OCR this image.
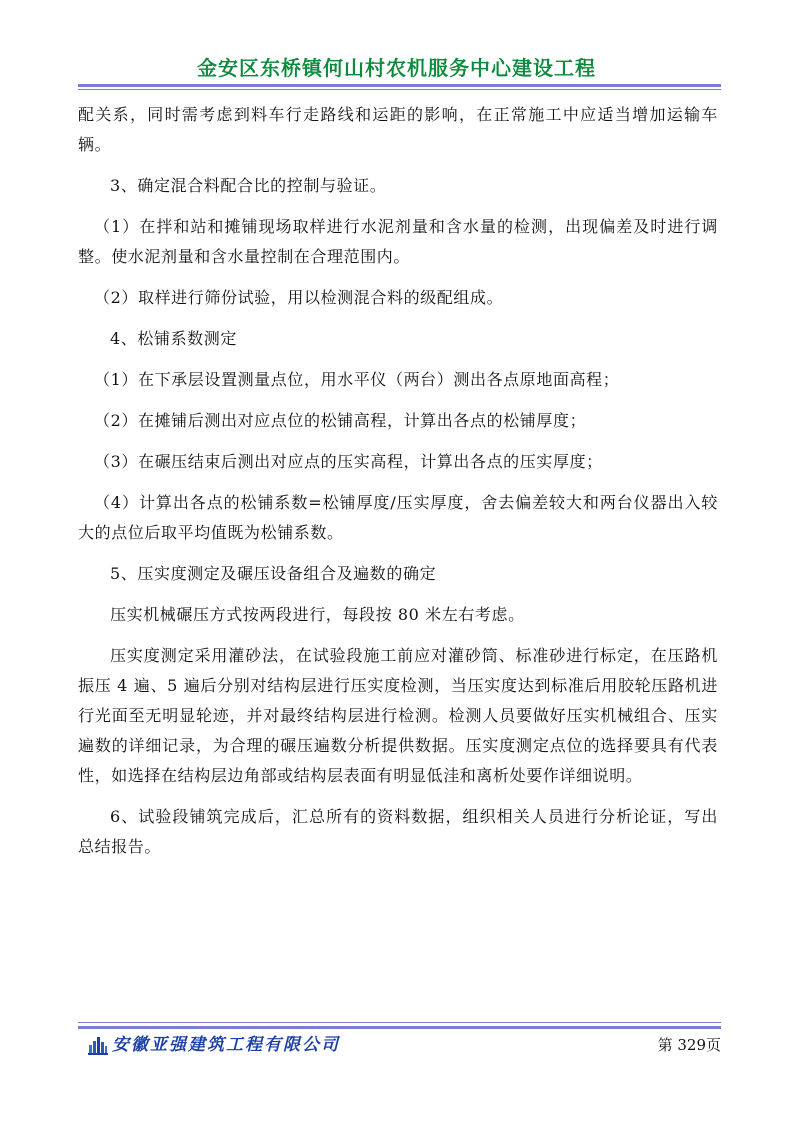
金安区东桥镇何山村农机服务中心建设工程

配关系，同时需考虑到料车行走路线和运距的影响，在正常施工中应适当增加运输车辆。

3、确定混合料配合比的控制与验证。

（1）在拌和站和摊铺现场取样进行水泥剂量和含水量的检测，出现偏差及时进行调整。使水泥剂量和含水量控制在合理范围内。

（2）取样进行筛份试验，用以检测混合料的级配组成。

4、松铺系数测定

（1）在下承层设置测量点位，用水平仪（两台）测出各点原地面高程；

（2）在摊铺后测出对应点位的松铺高程，计算出各点的松铺厚度；

（3）在碾压结束后测出对应点的压实高程，计算出各点的压实厚度；

（4）计算出各点的松铺系数=松铺厚度/压实厚度，舍去偏差较大和两台仪器出入较大的点位后取平均值既为松铺系数。

5、压实度测定及碾压设备组合及遍数的确定

压实机械碾压方式按两段进行，每段按 80 米左右考虑。

压实度测定采用灌砂法，在试验段施工前应对灌砂筒、标准砂进行标定，在压路机振压 4 遍、5 遍后分别对结构层进行压实度检测，当压实度达到标准后用胶轮压路机进行光面至无明显轮迹，并对最终结构层进行检测。检测人员要做好压实机械组合、压实遍数的详细记录，为合理的碾压遍数分析提供数据。压实度测定点位的选择要具有代表性，如选择在结构层边角部或结构层表面有明显低洼和离析处要作详细说明。

6、试验段铺筑完成后，汇总所有的资料数据，组织相关人员进行分析论证，写出总结报告。

安徽亚强建筑工程有限公司	第 329页
